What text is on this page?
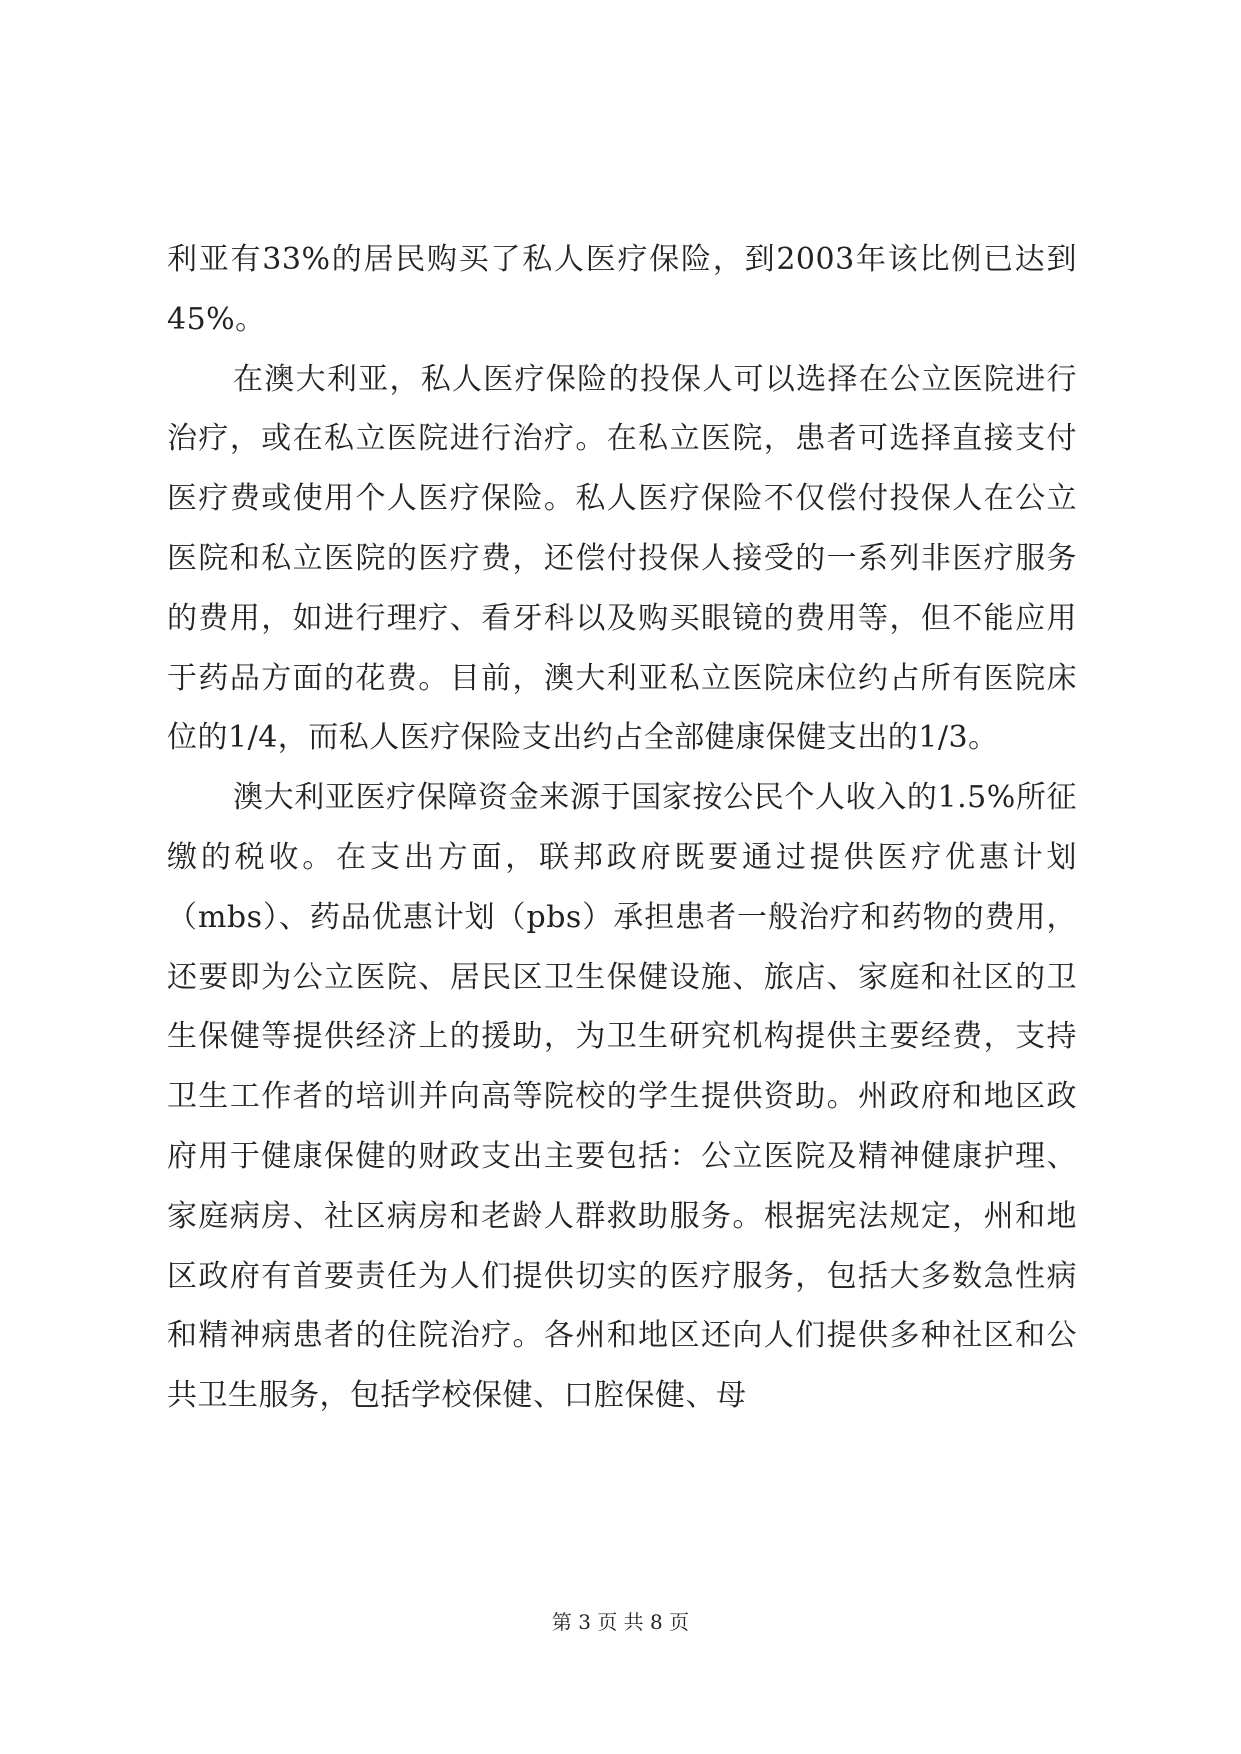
利亚有33%的居民购买了私人医疗保险，到2003年该比例已达到45%。

在澳大利亚，私人医疗保险的投保人可以选择在公立医院进行治疗，或在私立医院进行治疗。在私立医院，患者可选择直接支付医疗费或使用个人医疗保险。私人医疗保险不仅偿付投保人在公立医院和私立医院的医疗费，还偿付投保人接受的一系列非医疗服务的费用，如进行理疗、看牙科以及购买眼镜的费用等，但不能应用于药品方面的花费。目前，澳大利亚私立医院床位约占所有医院床位的1/4，而私人医疗保险支出约占全部健康保健支出的1/3。

澳大利亚医疗保障资金来源于国家按公民个人收入的1.5%所征缴的税收。在支出方面，联邦政府既要通过提供医疗优惠计划（mbs）、药品优惠计划（pbs）承担患者一般治疗和药物的费用，还要即为公立医院、居民区卫生保健设施、旅店、家庭和社区的卫生保健等提供经济上的援助，为卫生研究机构提供主要经费，支持卫生工作者的培训并向高等院校的学生提供资助。州政府和地区政府用于健康保健的财政支出主要包括：公立医院及精神健康护理、家庭病房、社区病房和老龄人群救助服务。根据宪法规定，州和地区政府有首要责任为人们提供切实的医疗服务，包括大多数急性病和精神病患者的住院治疗。各州和地区还向人们提供多种社区和公共卫生服务，包括学校保健、口腔保健、母

第 3 页 共 8 页
